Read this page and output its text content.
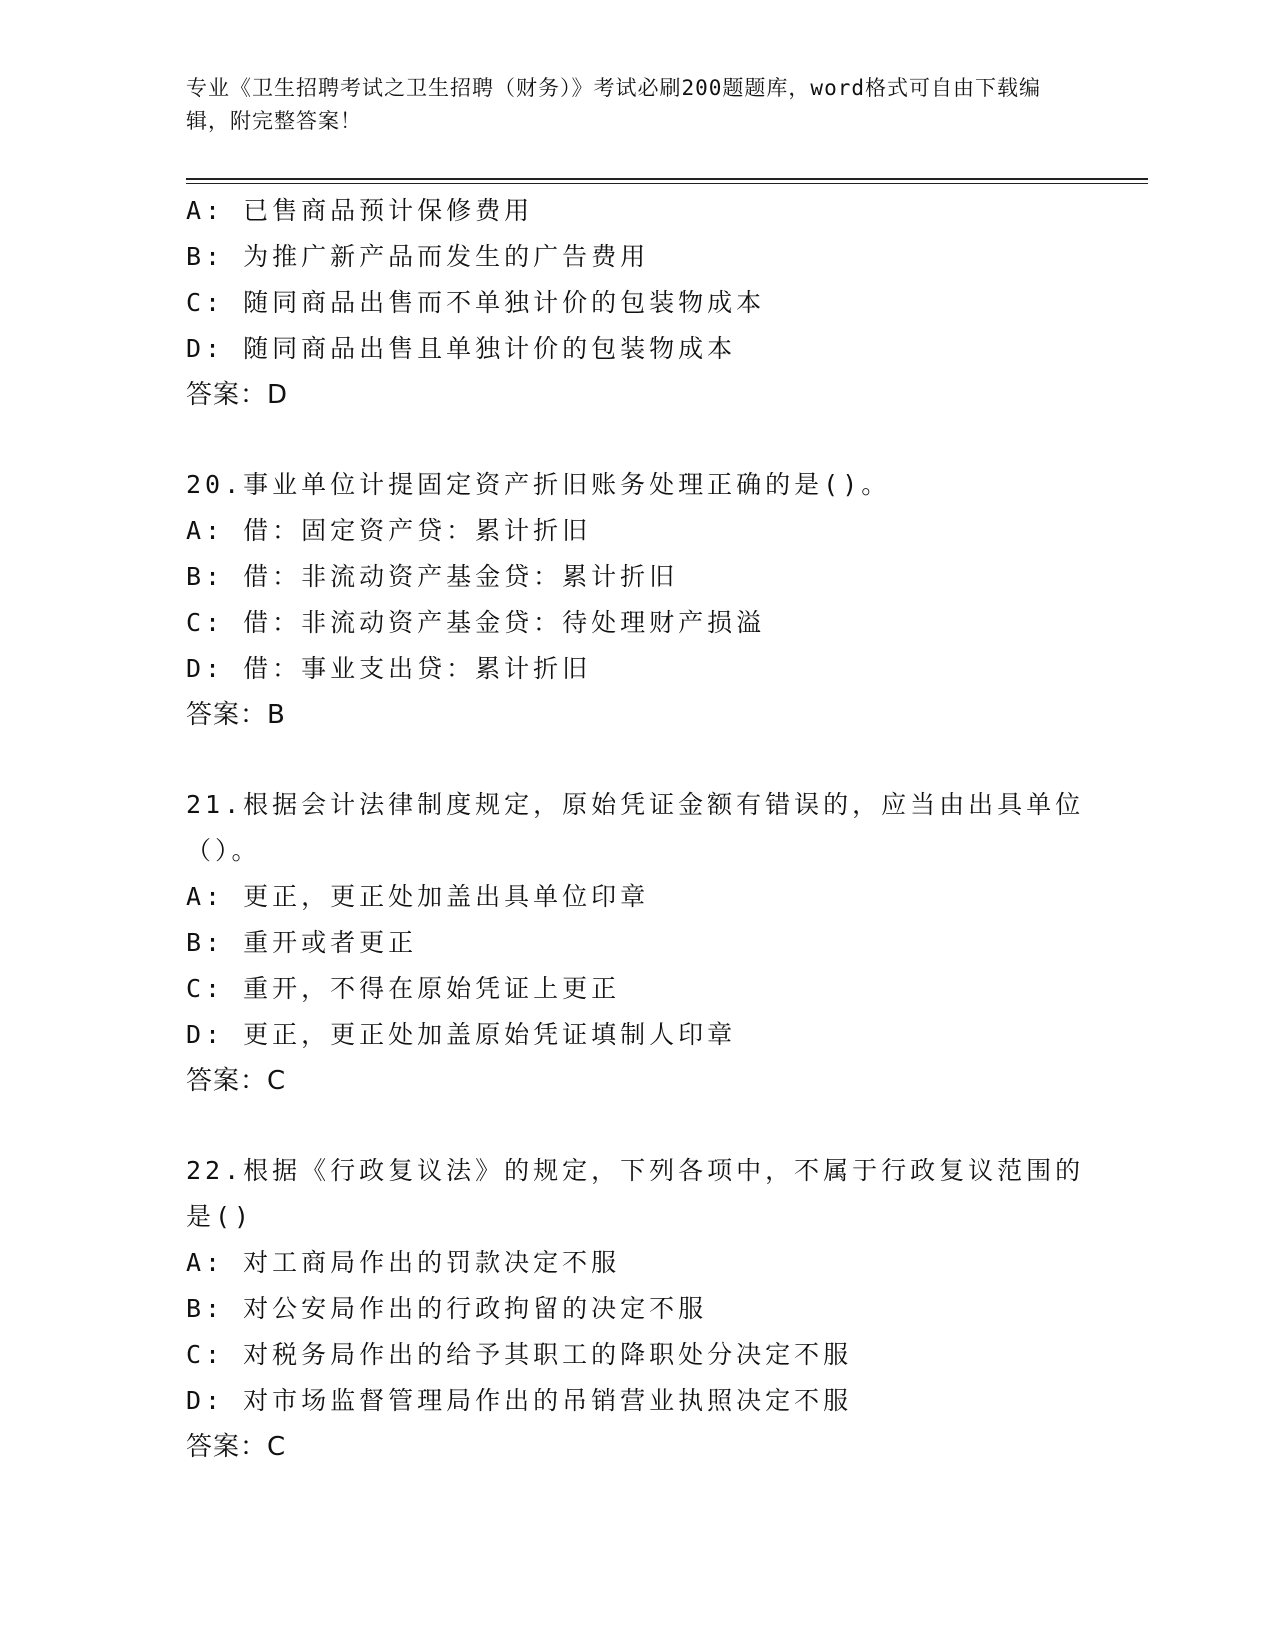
专业《卫生招聘考试之卫生招聘（财务）》考试必刷200题题库，word格式可自由下载编辑，附完整答案！
A: 已售商品预计保修费用
B: 为推广新产品而发生的广告费用
C: 随同商品出售而不单独计价的包装物成本
D: 随同商品出售且单独计价的包装物成本
答案：D
20.事业单位计提固定资产折旧账务处理正确的是()。
A: 借：固定资产贷：累计折旧
B: 借：非流动资产基金贷：累计折旧
C: 借：非流动资产基金贷：待处理财产损溢
D: 借：事业支出贷：累计折旧
答案：B
21.根据会计法律制度规定，原始凭证金额有错误的，应当由出具单位
（）。
A: 更正，更正处加盖出具单位印章
B: 重开或者更正
C: 重开，不得在原始凭证上更正
D: 更正，更正处加盖原始凭证填制人印章
答案：C
22.根据《行政复议法》的规定，下列各项中，不属于行政复议范围的
是()
A: 对工商局作出的罚款决定不服
B: 对公安局作出的行政拘留的决定不服
C: 对税务局作出的给予其职工的降职处分决定不服
D: 对市场监督管理局作出的吊销营业执照决定不服
答案：C
